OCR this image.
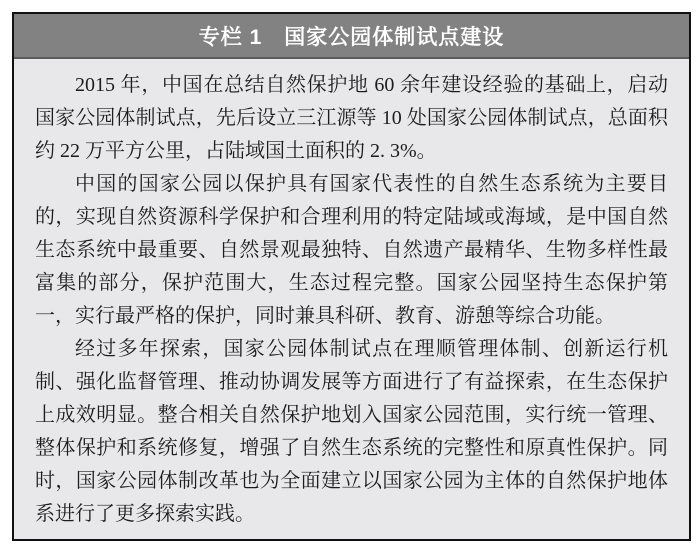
专栏 1　国家公园体制试点建设

2015 年，中国在总结自然保护地 60 余年建设经验的基础上，启动国家公园体制试点，先后设立三江源等 10 处国家公园体制试点，总面积约 22 万平方公里，占陆域国土面积的 2. 3%。

中国的国家公园以保护具有国家代表性的自然生态系统为主要目的，实现自然资源科学保护和合理利用的特定陆域或海域，是中国自然生态系统中最重要、自然景观最独特、自然遗产最精华、生物多样性最富集的部分，保护范围大，生态过程完整。国家公园坚持生态保护第一，实行最严格的保护，同时兼具科研、教育、游憩等综合功能。

经过多年探索，国家公园体制试点在理顺管理体制、创新运行机制、强化监督管理、推动协调发展等方面进行了有益探索，在生态保护上成效明显。整合相关自然保护地划入国家公园范围，实行统一管理、整体保护和系统修复，增强了自然生态系统的完整性和原真性保护。同时，国家公园体制改革也为全面建立以国家公园为主体的自然保护地体系进行了更多探索实践。
